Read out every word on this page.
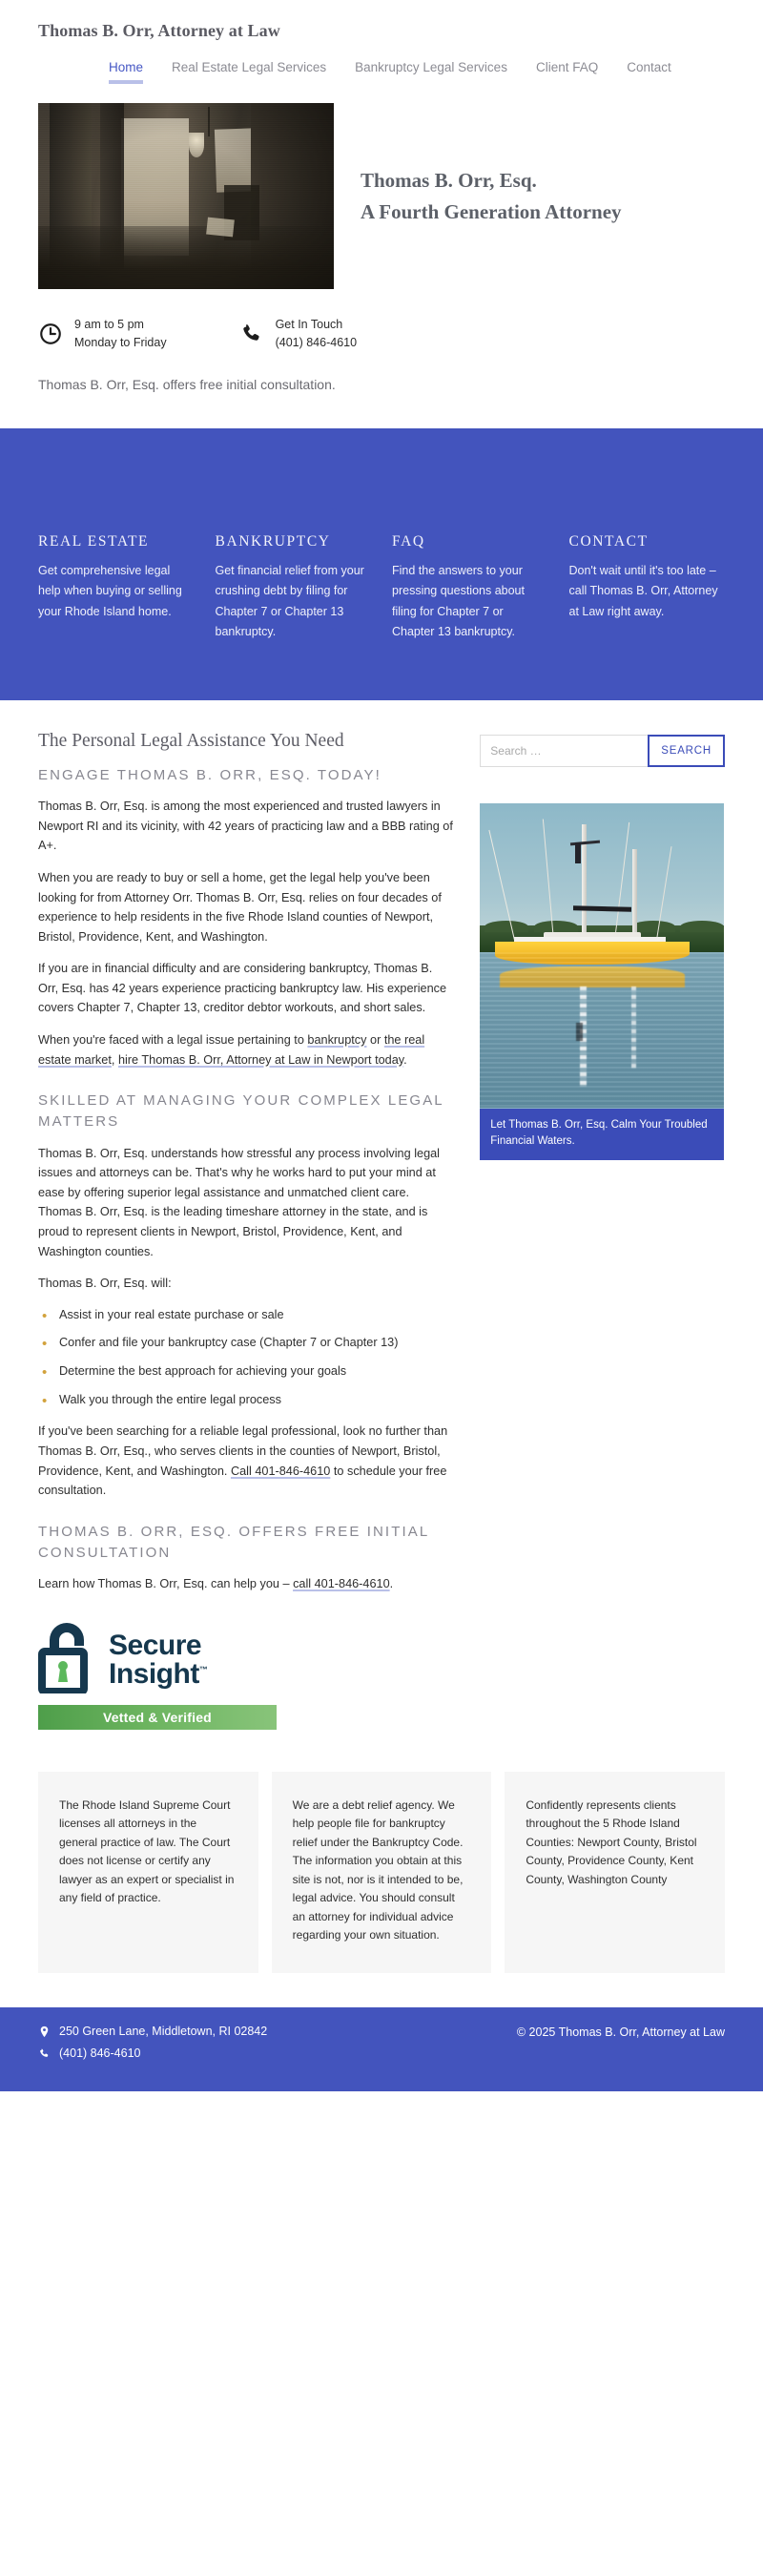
Thomas B. Orr, Attorney at Law
Home Real Estate Legal Services Bankruptcy Legal Services Client FAQ Contact
Thomas B. Orr, Esq.
A Fourth Generation Attorney
9 am to 5 pm
Monday to Friday
Get In Touch
(401) 846-4610
Thomas B. Orr, Esq. offers free initial consultation.
REAL ESTATE
Get comprehensive legal help when buying or selling your Rhode Island home.
BANKRUPTCY
Get financial relief from your crushing debt by filing for Chapter 7 or Chapter 13 bankruptcy.
FAQ
Find the answers to your pressing questions about filing for Chapter 7 or Chapter 13 bankruptcy.
CONTACT
Don't wait until it's too late – call Thomas B. Orr, Attorney at Law right away.
The Personal Legal Assistance You Need
ENGAGE THOMAS B. ORR, ESQ. TODAY!

Thomas B. Orr, Esq. is among the most experienced and trusted lawyers in Newport RI and its vicinity, with 42 years of practicing law and a BBB rating of A+.

When you are ready to buy or sell a home, get the legal help you've been looking for from Attorney Orr. Thomas B. Orr, Esq. relies on four decades of experience to help residents in the five Rhode Island counties of Newport, Bristol, Providence, Kent, and Washington.

If you are in financial difficulty and are considering bankruptcy, Thomas B. Orr, Esq. has 42 years experience practicing bankruptcy law. His experience covers Chapter 7, Chapter 13, creditor debtor workouts, and short sales.

When you're faced with a legal issue pertaining to bankruptcy or the real estate market, hire Thomas B. Orr, Attorney at Law in Newport today.

SKILLED AT MANAGING YOUR COMPLEX LEGAL MATTERS

Thomas B. Orr, Esq. understands how stressful any process involving legal issues and attorneys can be. That's why he works hard to put your mind at ease by offering superior legal assistance and unmatched client care. Thomas B. Orr, Esq. is the leading timeshare attorney in the state, and is proud to represent clients in Newport, Bristol, Providence, Kent, and Washington counties.

Thomas B. Orr, Esq. will:

• Assist in your real estate purchase or sale
• Confer and file your bankruptcy case (Chapter 7 or Chapter 13)
• Determine the best approach for achieving your goals
• Walk you through the entire legal process

If you've been searching for a reliable legal professional, look no further than Thomas B. Orr, Esq., who serves clients in the counties of Newport, Bristol, Providence, Kent, and Washington. Call 401-846-4610 to schedule your free consultation.

THOMAS B. ORR, ESQ. OFFERS FREE INITIAL CONSULTATION

Learn how Thomas B. Orr, Esq. can help you – call 401-846-4610.

Secure
Insight™
Vetted & Verified
Search …
SEARCH
Let Thomas B. Orr, Esq. Calm Your Troubled Financial Waters.
The Rhode Island Supreme Court licenses all attorneys in the general practice of law. The Court does not license or certify any lawyer as an expert or specialist in any field of practice.
We are a debt relief agency. We help people file for bankruptcy relief under the Bankruptcy Code. The information you obtain at this site is not, nor is it intended to be, legal advice. You should consult an attorney for individual advice regarding your own situation.
Confidently represents clients throughout the 5 Rhode Island Counties: Newport County, Bristol County, Providence County, Kent County, Washington County
250 Green Lane, Middletown, RI 02842
(401) 846-4610
© 2025 Thomas B. Orr, Attorney at Law
